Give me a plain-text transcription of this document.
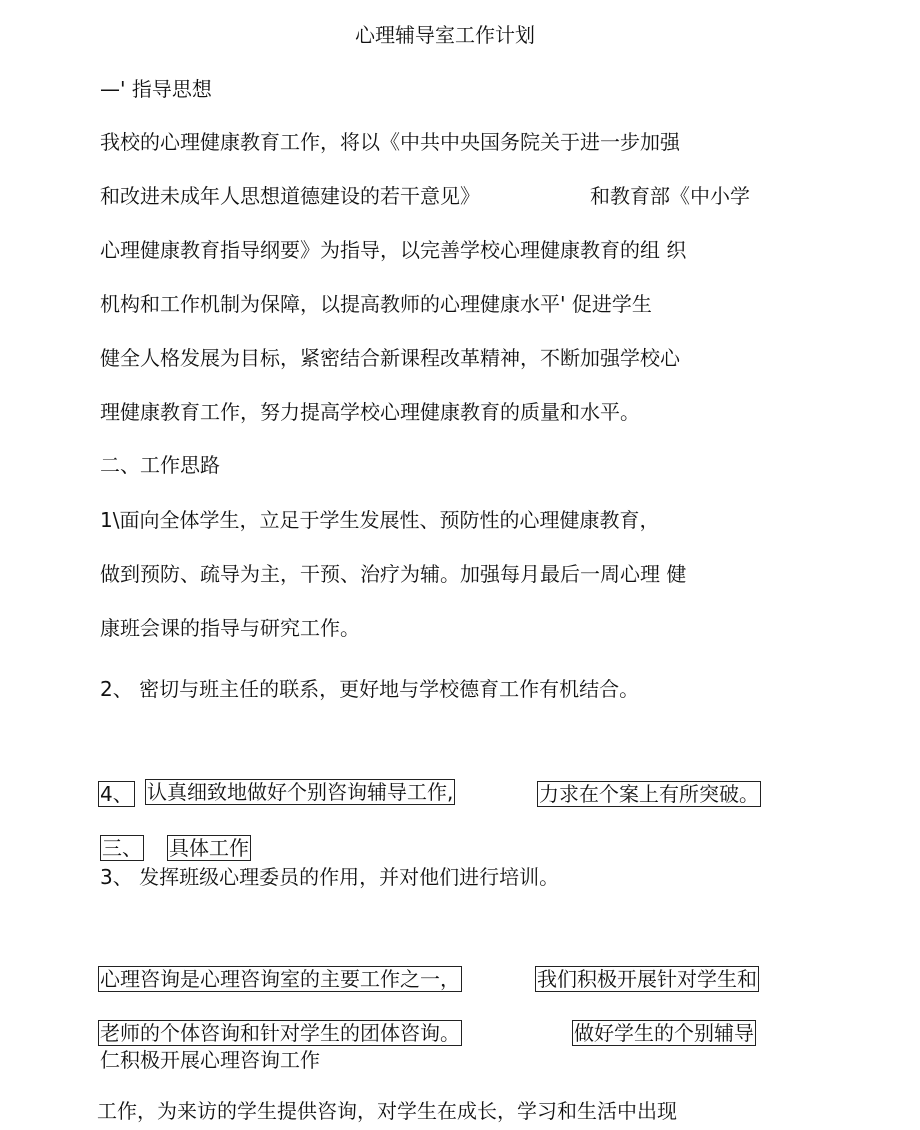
心理辅导室工作计划
—' 指导思想
我校的心理健康教育工作，将以《中共中央国务院关于进一步加强
和改进未成年人思想道德建设的若干意见》	和教育部《中小学
心理健康教育指导纲要》为指导，以完善学校心理健康教育的组 织
机构和工作机制为保障，以提高教师的心理健康水平' 促进学生
健全人格发展为目标，紧密结合新课程改革精神，不断加强学校心
理健康教育工作，努力提高学校心理健康教育的质量和水平。
二、工作思路
1\面向全体学生，立足于学生发展性、预防性的心理健康教育，
做到预防、疏导为主，干预、治疗为辅。加强每月最后一周心理 健
康班会课的指导与研究工作。
2、 密切与班主任的联系，更好地与学校德育工作有机结合。
4、 认真细致地做好个别咨询辅导工作,	力求在个案上有所突破。
三、 具体工作
3、 发挥班级心理委员的作用，并对他们进行培训。
心理咨询是心理咨询室的主要工作之一，	我们积极开展针对学生和
老师的个体咨询和针对学生的团体咨询。	做好学生的个别辅导
仁积极开展心理咨询工作
工作，为来访的学生提供咨询，对学生在成长，学习和生活中出现
